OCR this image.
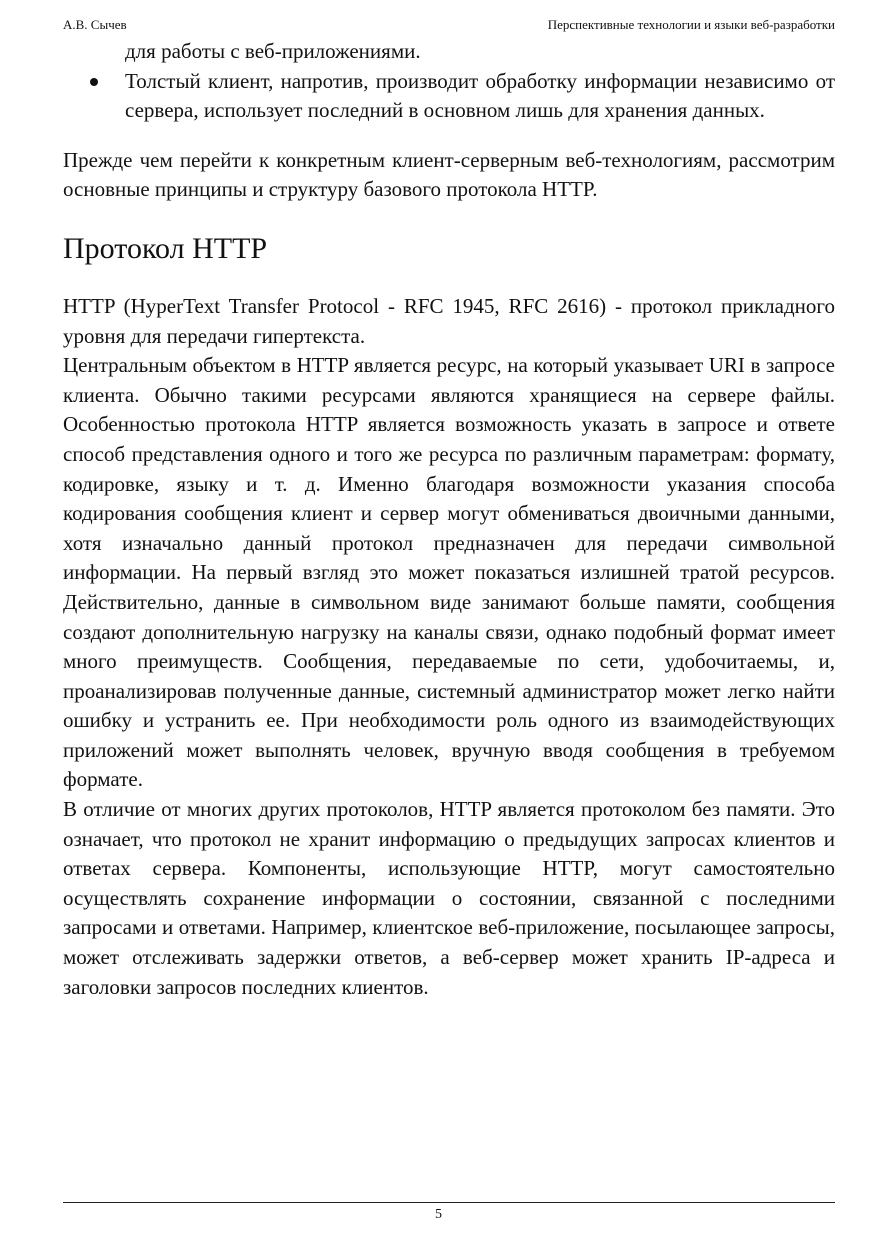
А.В. Сычев	Перспективные технологии и языки веб-разработки

для работы с веб-приложениями.

Толстый клиент, напротив, производит обработку информации независимо от сервера, использует последний в основном лишь для хранения данных.

Прежде чем перейти к конкретным клиент-серверным веб-технологиям, рассмотрим основные принципы и структуру базового протокола HTTP.

Протокол HTTP

HTTP (HyperText Transfer Protocol - RFC 1945, RFC 2616) - протокол прикладного уровня для передачи гипертекста.

Центральным объектом в HTTP является ресурс, на который указывает URI в запросе клиента. Обычно такими ресурсами являются хранящиеся на сервере файлы. Особенностью протокола HTTP является возможность указать в запросе и ответе способ представления одного и того же ресурса по различным параметрам: формату, кодировке, языку и т. д. Именно благодаря возможности указания способа кодирования сообщения клиент и сервер могут обмениваться двоичными данными, хотя изначально данный протокол предназначен для передачи символьной информации. На первый взгляд это может показаться излишней тратой ресурсов. Действительно, данные в символьном виде занимают больше памяти, сообщения создают дополнительную нагрузку на каналы связи, однако подобный формат имеет много преимуществ. Сообщения, передаваемые по сети, удобочитаемы, и, проанализировав полученные данные, системный администратор может легко найти ошибку и устранить ее. При необходимости роль одного из взаимодействующих приложений может выполнять человек, вручную вводя сообщения в требуемом формате.

В отличие от многих других протоколов, HTTP является протоколом без памяти. Это означает, что протокол не хранит информацию о предыдущих запросах клиентов и ответах сервера. Компоненты, использующие HTTP, могут самостоятельно осуществлять сохранение информации о состоянии, связанной с последними запросами и ответами. Например, клиентское веб-приложение, посылающее запросы, может отслеживать задержки ответов, а веб-сервер может хранить IP-адреса и заголовки запросов последних клиентов.

5
